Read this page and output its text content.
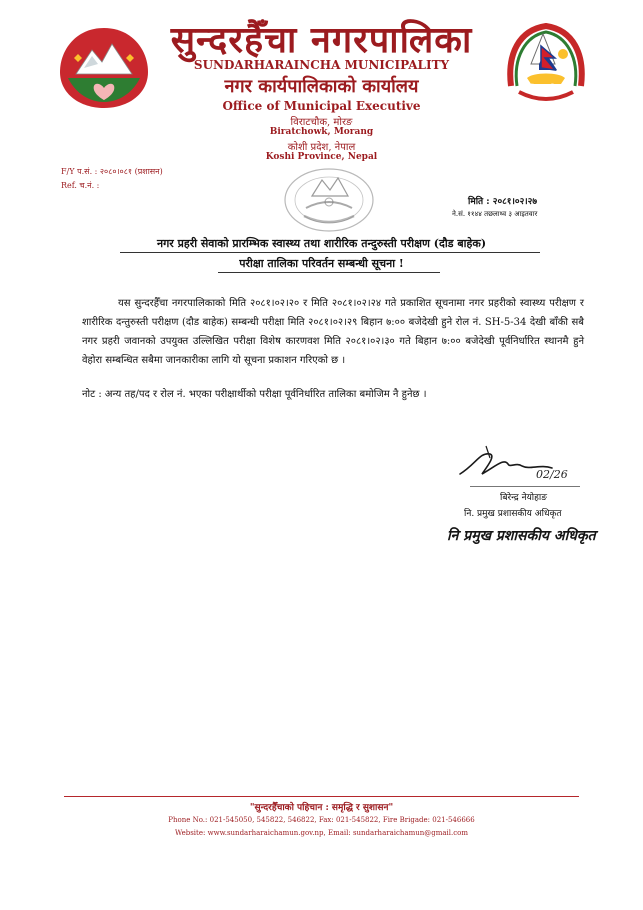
सुन्दरहैँचा नगरपालिका, मोरङ
सुन्दरहैँचा नगरपालिका
SUNDARHARAINCHA MUNICIPALITY
नगर कार्यपालिकाको कार्यालय
Office of Municipal Executive
विराटचौक, मोरङ
Biratchowk, Morang
कोशी प्रदेश, नेपाल
Koshi Province, Nepal
F/Y प.सं. : २०८०।०८१ (प्रशासन)
Ref. च.नं. :
मिति : २०८१।०२।२७
ने.सं. ११४४ तछलाथ्व ३ आइतवार
नगर प्रहरी सेवाको प्रारम्भिक स्वास्थ्य तथा शारीरिक तन्दुरुस्ती परीक्षण (दौड बाहेक)
परीक्षा तालिका परिवर्तन सम्बन्धी सूचना !
यस सुन्दरहैँचा नगरपालिकाको मिति २०८१।०२।२० र मिति २०८१।०२।२४ गते प्रकाशित सूचनामा नगर प्रहरीको स्वास्थ्य परीक्षण र शारीरिक दन्तुरुस्ती परीक्षण (दौड बाहेक) सम्बन्धी परीक्षा मिति २०८१।०२।२९ बिहान ७:०० बजेदेखी हुने रोल नं. SH-5-34 देखी बाँकी सबै नगर प्रहरी जवानको उपयुक्त उल्लिखित परीक्षा विशेष कारणवश मिति २०८१।०२।३० गते बिहान ७:०० बजेदेखी पूर्वनिर्धारित स्थानमै हुने वेहोरा सम्बन्धित सबैमा जानकारीका लागि यो सूचना प्रकाशन गरिएको छ ।
नोट : अन्य तह/पद र रोल नं. भएका परीक्षार्थीको परीक्षा पूर्वनिर्धारित तालिका बमोजिम नै हुनेछ ।
02/26
बिरेन्द्र नेयोहाङ
नि. प्रमुख प्रशासकीय अधिकृत
नि प्रमुख प्रशासकीय अधिकृत
"सुन्दरहैँचाको पहिचान : समृद्धि र सुशासन"
Phone No.: 021-545050, 545822, 546822, Fax: 021-545822, Fire Brigade: 021-546666
Website: www.sundarharaichamun.gov.np, Email: sundarharaichamun@gmail.com
